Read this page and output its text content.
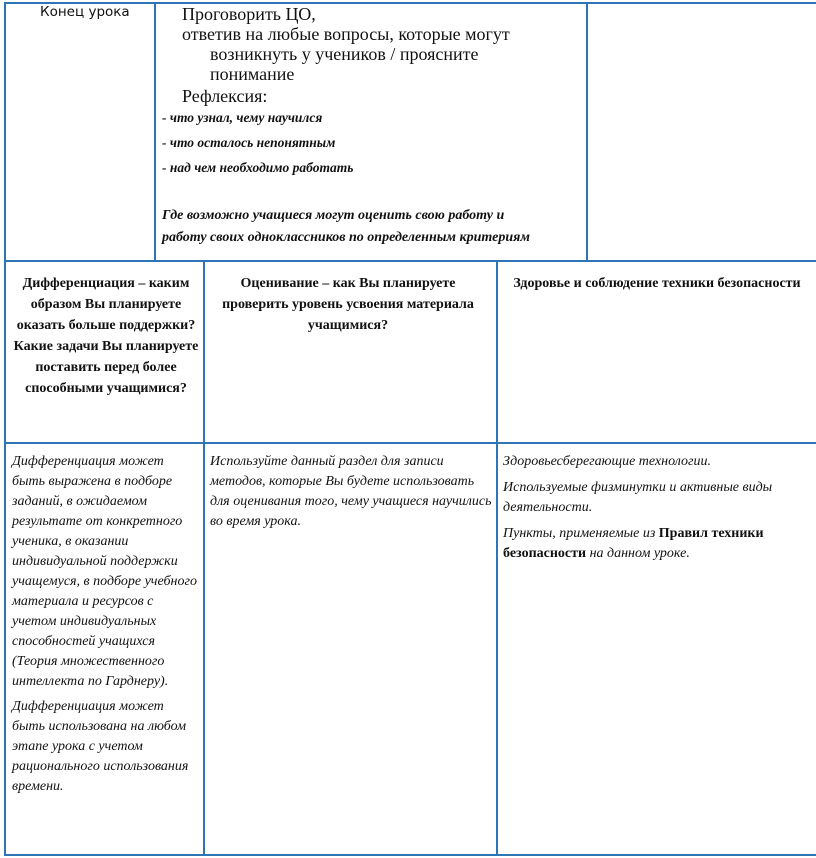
Конец урока	Проговорить ЦО,

ответив на любые вопросы, которые могут

возникнуть у учеников / проясните

понимание

Рефлексия:

- что узнал, чему научился

- что осталось непонятным

- над чем необходимо работать

Где возможно учащиеся могут оценить свою работу и

работу своих одноклассников по определенным критериям

Дифференциация – каким образом Вы планируете оказать больше поддержки? Какие задачи Вы планируете поставить перед более способными учащимися?
Оценивание – как Вы планируете проверить уровень усвоения материала учащимися?
Здоровье и соблюдение техники безопасности

Дифференциация может быть выражена в подборе заданий, в ожидаемом результате от конкретного ученика, в оказании индивидуальной поддержки учащемуся, в подборе учебного материала и ресурсов с учетом индивидуальных способностей учащихся (Теория множественного интеллекта по Гарднеру).

Дифференциация может быть использована на любом этапе урока с учетом рационального использования времени.

Используйте данный раздел для записи методов, которые Вы будете использовать для оценивания того, чему учащиеся научились во время урока.

Здоровьесберегающие технологии.

Используемые физминутки и активные виды деятельности.

Пункты, применяемые из Правил техники безопасности на данном уроке.
